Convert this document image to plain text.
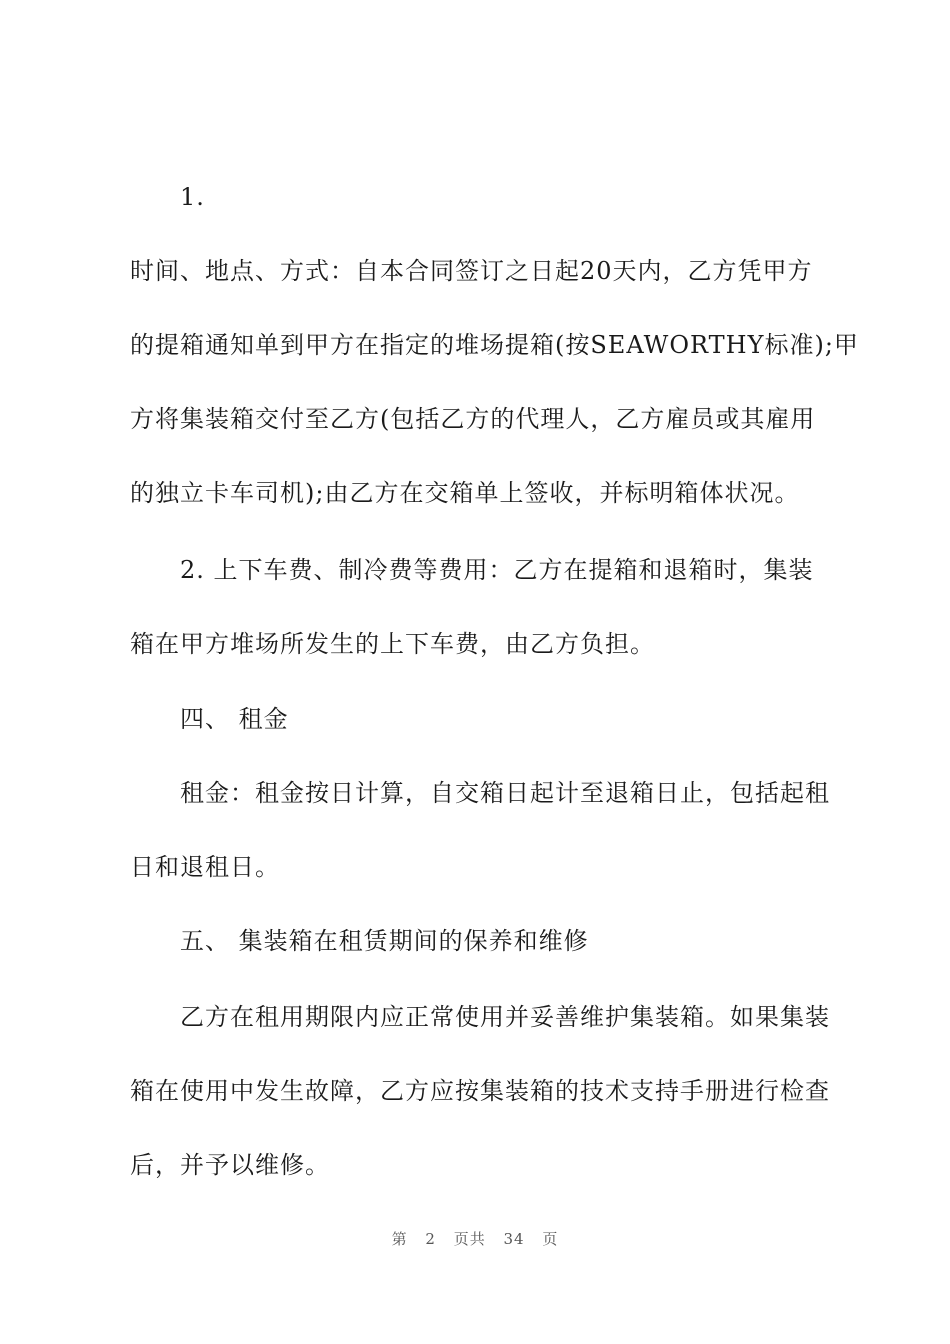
1.
时间、地点、方式：自本合同签订之日起20天内，乙方凭甲方
的提箱通知单到甲方在指定的堆场提箱(按SEAWORTHY标准);甲
方将集装箱交付至乙方(包括乙方的代理人，乙方雇员或其雇用
的独立卡车司机);由乙方在交箱单上签收，并标明箱体状况。
2. 上下车费、制冷费等费用：乙方在提箱和退箱时，集装
箱在甲方堆场所发生的上下车费，由乙方负担。
四、 租金
租金：租金按日计算，自交箱日起计至退箱日止，包括起租
日和退租日。
五、 集装箱在租赁期间的保养和维修
乙方在租用期限内应正常使用并妥善维护集装箱。如果集装
箱在使用中发生故障，乙方应按集装箱的技术支持手册进行检查
后，并予以维修。
第 2 页共 34 页
